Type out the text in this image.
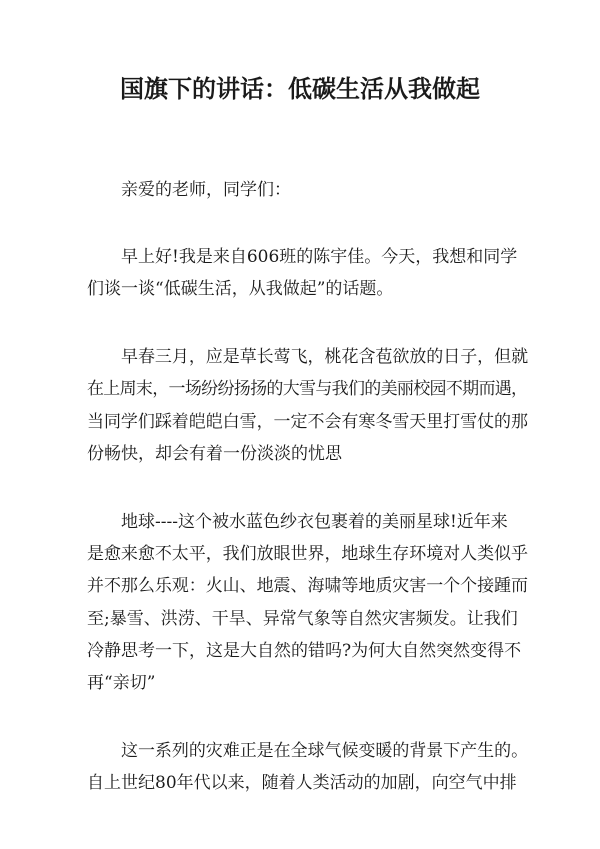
国旗下的讲话：低碳生活从我做起
亲爱的老师，同学们：
早上好!我是来自606班的陈宇佳。今天，我想和同学
们谈一谈“低碳生活，从我做起”的话题。
早春三月，应是草长莺飞，桃花含苞欲放的日子，但就
在上周末，一场纷纷扬扬的大雪与我们的美丽校园不期而遇，
当同学们踩着皑皑白雪，一定不会有寒冬雪天里打雪仗的那
份畅快，却会有着一份淡淡的忧思
地球----这个被水蓝色纱衣包裹着的美丽星球!近年来
是愈来愈不太平，我们放眼世界，地球生存环境对人类似乎
并不那么乐观：火山、地震、海啸等地质灾害一个个接踵而
至;暴雪、洪涝、干旱、异常气象等自然灾害频发。让我们
冷静思考一下，这是大自然的错吗?为何大自然突然变得不
再“亲切”
这一系列的灾难正是在全球气候变暖的背景下产生的。
自上世纪80年代以来，随着人类活动的加剧，向空气中排
